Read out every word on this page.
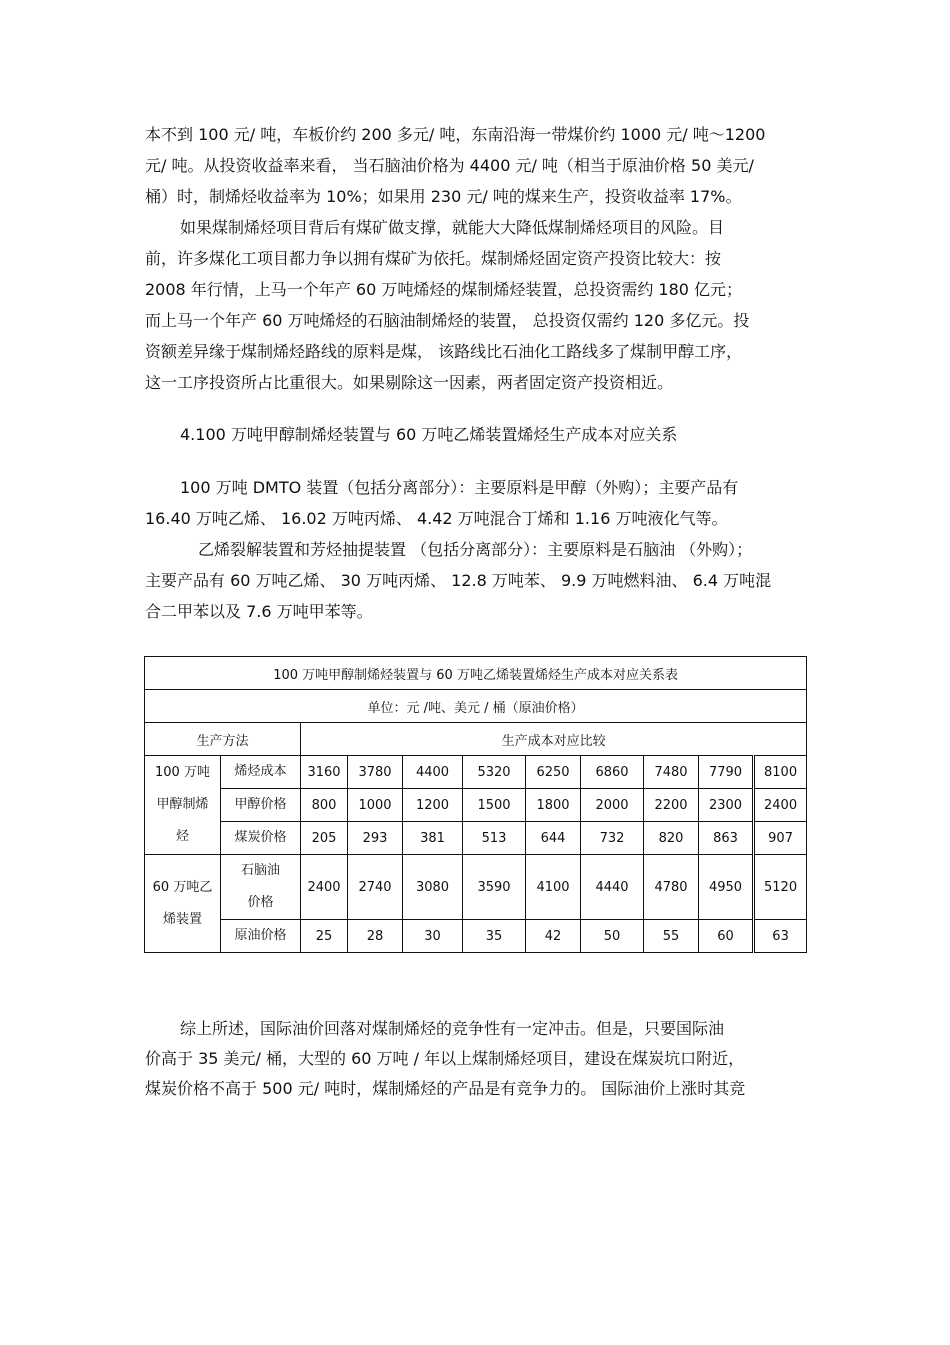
本不到 100 元/ 吨，车板价约 200 多元/ 吨，东南沿海一带煤价约 1000 元/ 吨～1200
元/ 吨。从投资收益率来看， 当石脑油价格为 4400 元/ 吨（相当于原油价格 50 美元/
桶）时，制烯烃收益率为 10%；如果用 230 元/ 吨的煤来生产，投资收益率 17%。
如果煤制烯烃项目背后有煤矿做支撑，就能大大降低煤制烯烃项目的风险。目
前，许多煤化工项目都力争以拥有煤矿为依托。煤制烯烃固定资产投资比较大：按
2008 年行情，上马一个年产 60 万吨烯烃的煤制烯烃装置，总投资需约 180 亿元；
而上马一个年产 60 万吨烯烃的石脑油制烯烃的装置， 总投资仅需约 120 多亿元。投
资额差异缘于煤制烯烃路线的原料是煤， 该路线比石油化工路线多了煤制甲醇工序，
这一工序投资所占比重很大。如果剔除这一因素，两者固定资产投资相近。
4.100 万吨甲醇制烯烃装置与 60 万吨乙烯装置烯烃生产成本对应关系
100 万吨 DMTO 装置（包括分离部分）：主要原料是甲醇（外购）；主要产品有
16.40 万吨乙烯、 16.02 万吨丙烯、 4.42 万吨混合丁烯和 1.16 万吨液化气等。
乙烯裂解装置和芳烃抽提装置 （包括分离部分）：主要原料是石脑油 （外购）；
主要产品有 60 万吨乙烯、 30 万吨丙烯、 12.8 万吨苯、 9.9 万吨燃料油、 6.4 万吨混
合二甲苯以及 7.6 万吨甲苯等。
100 万吨甲醇制烯烃装置与 60 万吨乙烯装置烯烃生产成本对应关系表										
单位：元 /吨、美元 / 桶（原油价格）										
生产方法		生产成本对应比较								
100 万吨甲醇制烯烃	烯烃成本	3160	3780	4400	5320	6250	6860	7480	7790	8100
	甲醇价格	800	1000	1200	1500	1800	2000	2200	2300	2400
	煤炭价格	205	293	381	513	644	732	820	863	907
60 万吨乙烯装置	石脑油价格	2400	2740	3080	3590	4100	4440	4780	4950	5120
	原油价格	25	28	30	35	42	50	55	60	63
综上所述，国际油价回落对煤制烯烃的竞争性有一定冲击。但是，只要国际油
价高于 35 美元/ 桶，大型的 60 万吨 / 年以上煤制烯烃项目，建设在煤炭坑口附近，
煤炭价格不高于 500 元/ 吨时，煤制烯烃的产品是有竞争力的。 国际油价上涨时其竞
